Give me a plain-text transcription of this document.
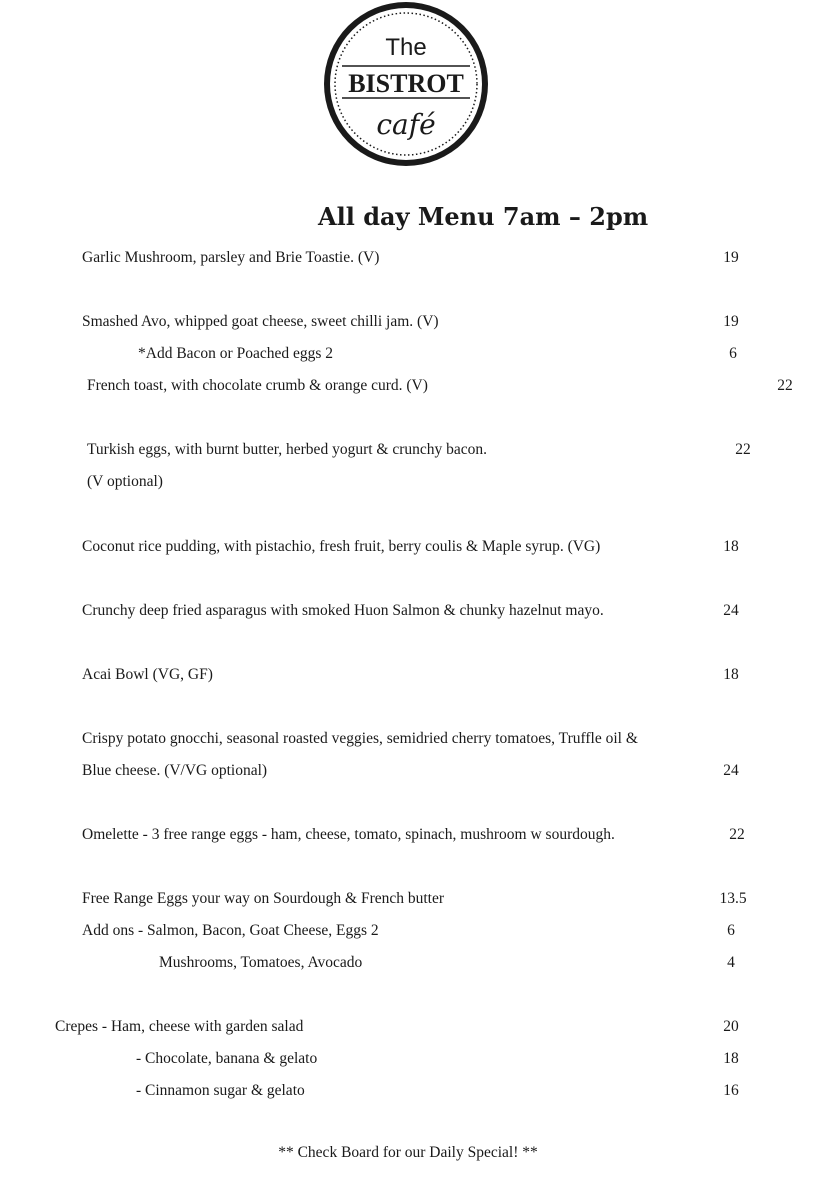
The
BISTROT
café
All day Menu 7am – 2pm
Garlic Mushroom, parsley and Brie Toastie. (V)	19
Smashed Avo, whipped goat cheese, sweet chilli jam. (V)	19
*Add Bacon or Poached eggs 2	6
French toast, with chocolate crumb & orange curd. (V)	22
Turkish eggs, with burnt butter, herbed yogurt & crunchy bacon.	22
(V optional)
Coconut rice pudding, with pistachio, fresh fruit, berry coulis & Maple syrup. (VG)	18
Crunchy deep fried asparagus with smoked Huon Salmon & chunky hazelnut mayo.	24
Acai Bowl (VG, GF)	18
Crispy potato gnocchi, seasonal roasted veggies, semidried cherry tomatoes, Truffle oil &
Blue cheese. (V/VG optional)	24
Omelette - 3 free range eggs - ham, cheese, tomato, spinach, mushroom w sourdough.	22
Free Range Eggs your way on Sourdough & French butter	13.5
Add ons - Salmon, Bacon, Goat Cheese, Eggs 2	6
Mushrooms, Tomatoes, Avocado	4
Crepes - Ham, cheese with garden salad	20
- Chocolate, banana & gelato	18
- Cinnamon sugar & gelato	16
** Check Board for our Daily Special! **
